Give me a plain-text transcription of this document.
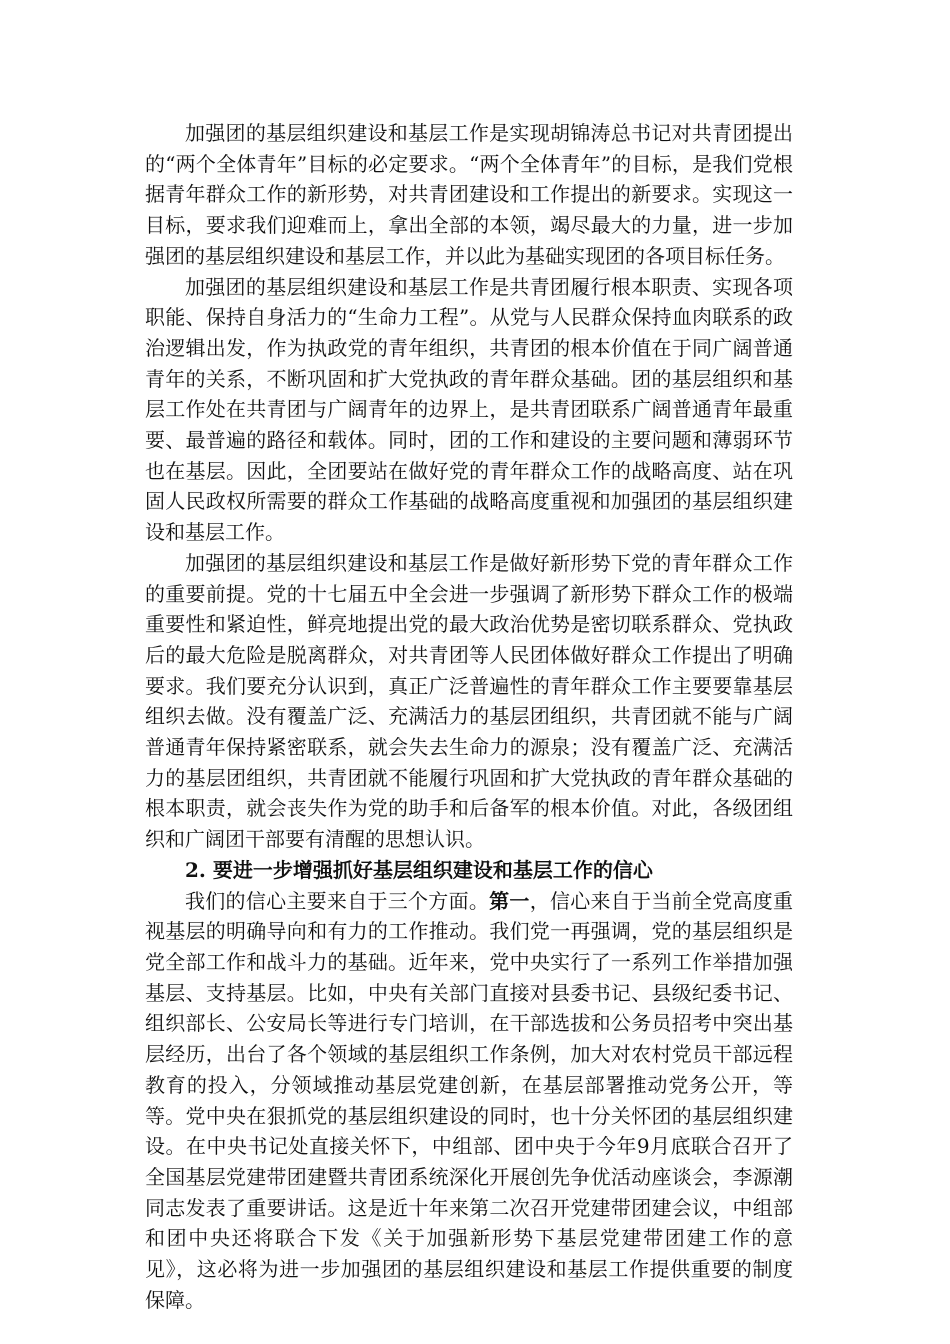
加强团的基层组织建设和基层工作是实现胡锦涛总书记对共青团提出的“两个全体青年”目标的必定要求。“两个全体青年”的目标，是我们党根据青年群众工作的新形势，对共青团建设和工作提出的新要求。实现这一目标，要求我们迎难而上，拿出全部的本领，竭尽最大的力量，进一步加强团的基层组织建设和基层工作，并以此为基础实现团的各项目标任务。

加强团的基层组织建设和基层工作是共青团履行根本职责、实现各项职能、保持自身活力的“生命力工程”。从党与人民群众保持血肉联系的政治逻辑出发，作为执政党的青年组织，共青团的根本价值在于同广阔普通青年的关系，不断巩固和扩大党执政的青年群众基础。团的基层组织和基层工作处在共青团与广阔青年的边界上，是共青团联系广阔普通青年最重要、最普遍的路径和载体。同时，团的工作和建设的主要问题和薄弱环节也在基层。因此，全团要站在做好党的青年群众工作的战略高度、站在巩固人民政权所需要的群众工作基础的战略高度重视和加强团的基层组织建设和基层工作。

加强团的基层组织建设和基层工作是做好新形势下党的青年群众工作的重要前提。党的十七届五中全会进一步强调了新形势下群众工作的极端重要性和紧迫性，鲜亮地提出党的最大政治优势是密切联系群众、党执政后的最大危险是脱离群众，对共青团等人民团体做好群众工作提出了明确要求。我们要充分认识到，真正广泛普遍性的青年群众工作主要要靠基层组织去做。没有覆盖广泛、充满活力的基层团组织，共青团就不能与广阔普通青年保持紧密联系，就会失去生命力的源泉；没有覆盖广泛、充满活力的基层团组织，共青团就不能履行巩固和扩大党执政的青年群众基础的根本职责，就会丧失作为党的助手和后备军的根本价值。对此，各级团组织和广阔团干部要有清醒的思想认识。

2. 要进一步增强抓好基层组织建设和基层工作的信心

我们的信心主要来自于三个方面。第一，信心来自于当前全党高度重视基层的明确导向和有力的工作推动。我们党一再强调，党的基层组织是党全部工作和战斗力的基础。近年来，党中央实行了一系列工作举措加强基层、支持基层。比如，中央有关部门直接对县委书记、县级纪委书记、组织部长、公安局长等进行专门培训，在干部选拔和公务员招考中突出基层经历，出台了各个领域的基层组织工作条例，加大对农村党员干部远程教育的投入，分领域推动基层党建创新，在基层部署推动党务公开，等等。党中央在狠抓党的基层组织建设的同时，也十分关怀团的基层组织建设。在中央书记处直接关怀下，中组部、团中央于今年9月底联合召开了全国基层党建带团建暨共青团系统深化开展创先争优活动座谈会，李源潮同志发表了重要讲话。这是近十年来第二次召开党建带团建会议，中组部和团中央还将联合下发《关于加强新形势下基层党建带团建工作的意见》，这必将为进一步加强团的基层组织建设和基层工作提供重要的制度保障。
